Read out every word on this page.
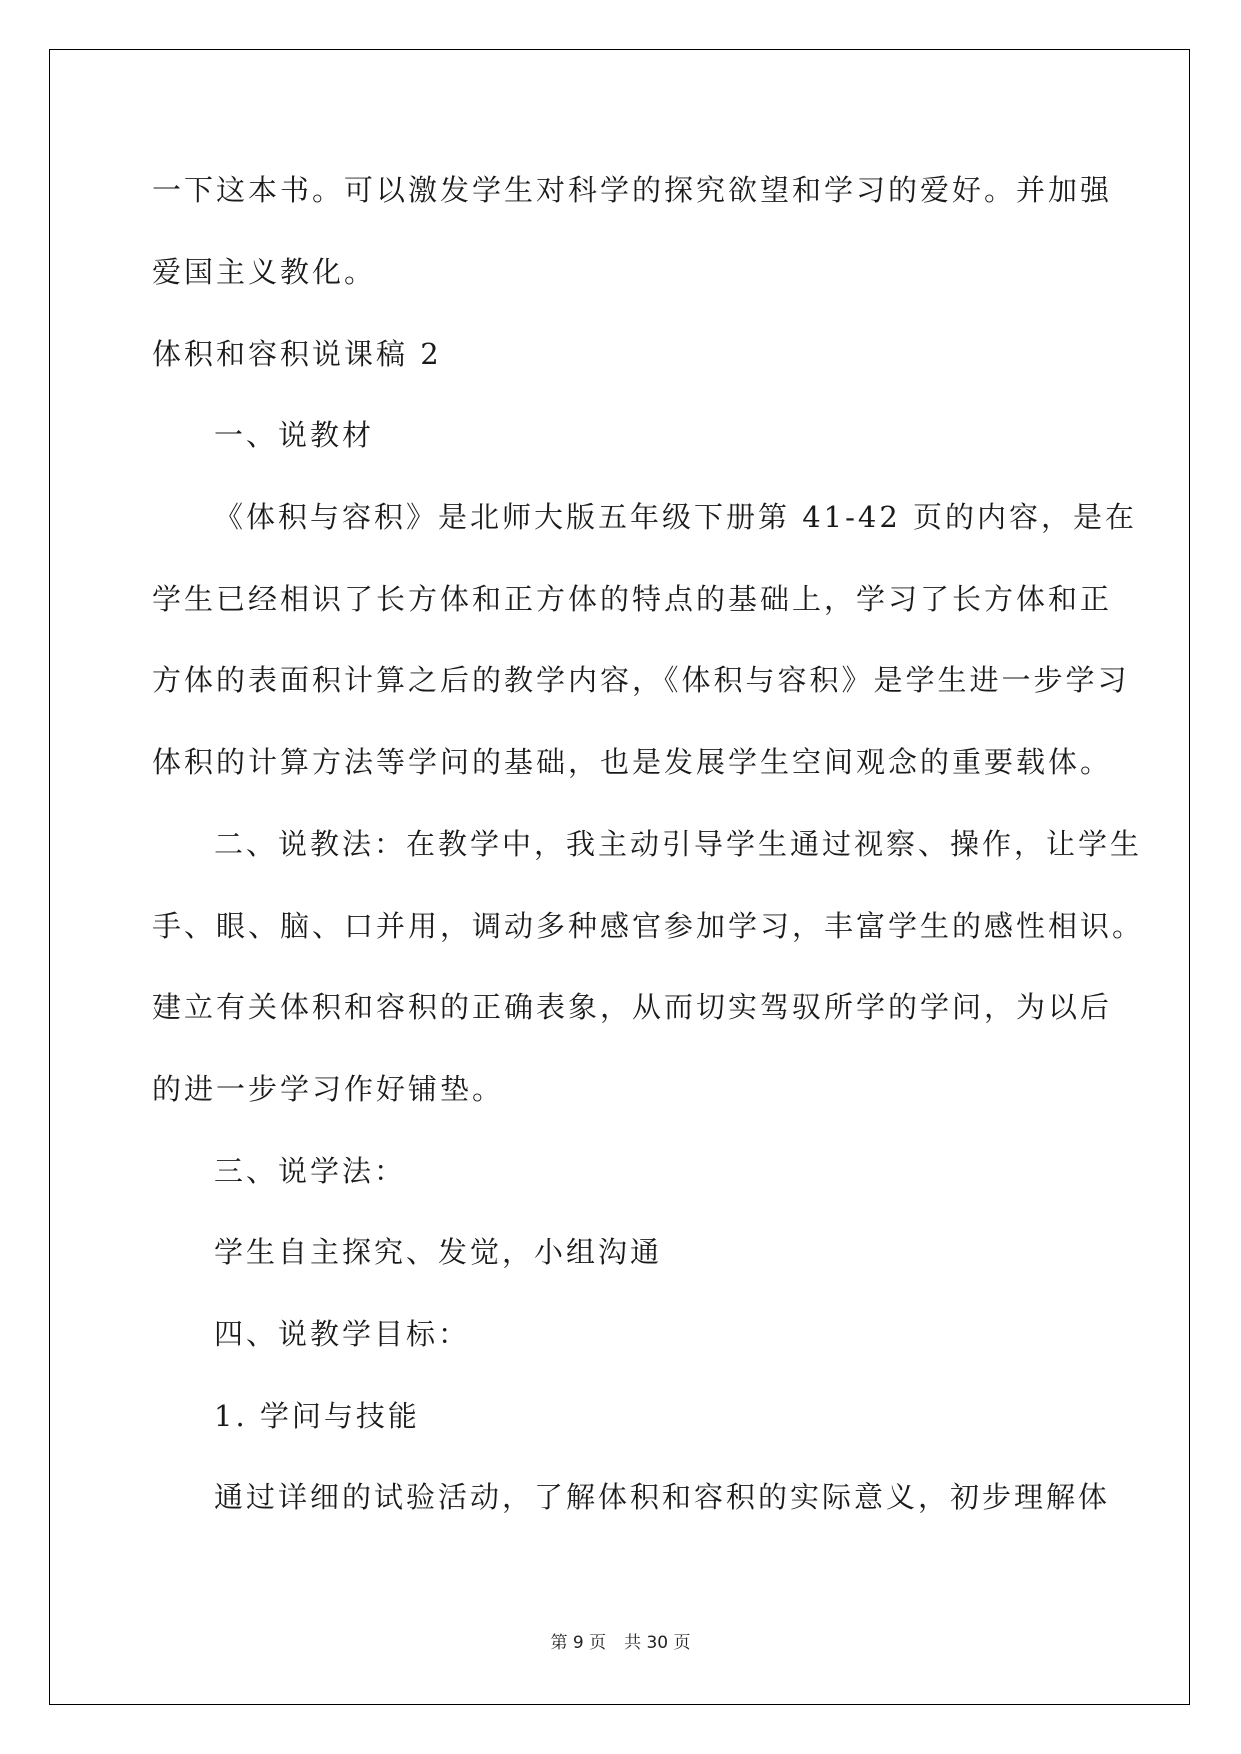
一下这本书。可以激发学生对科学的探究欲望和学习的爱好。并加强

爱国主义教化。

体积和容积说课稿 2

一、说教材

《体积与容积》是北师大版五年级下册第 41-42 页的内容，是在

学生已经相识了长方体和正方体的特点的基础上，学习了长方体和正

方体的表面积计算之后的教学内容，《体积与容积》是学生进一步学习

体积的计算方法等学问的基础，也是发展学生空间观念的重要载体。

二、说教法：在教学中，我主动引导学生通过视察、操作，让学生

手、眼、脑、口并用，调动多种感官参加学习，丰富学生的感性相识。

建立有关体积和容积的正确表象，从而切实驾驭所学的学问，为以后

的进一步学习作好铺垫。

三、说学法：

学生自主探究、发觉，小组沟通

四、说教学目标：

1. 学问与技能

通过详细的试验活动，了解体积和容积的实际意义，初步理解体

第 9 页 共 30 页
